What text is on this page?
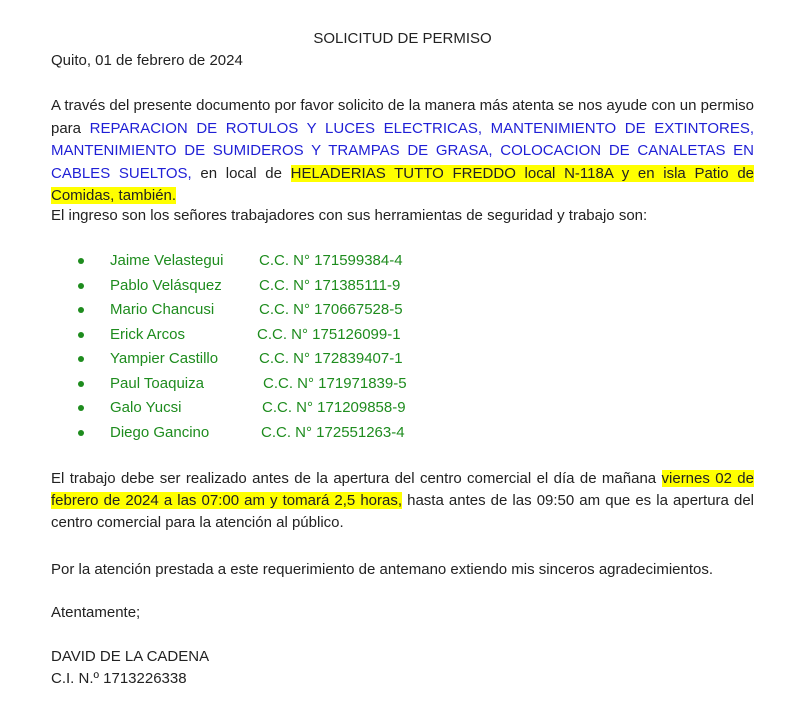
SOLICITUD DE PERMISO
Quito, 01 de febrero de 2024

A través del presente documento por favor solicito de la manera más atenta se nos ayude con un permiso para REPARACION DE ROTULOS Y LUCES ELECTRICAS, MANTENIMIENTO DE EXTINTORES, MANTENIMIENTO DE SUMIDEROS Y TRAMPAS DE GRASA, COLOCACION DE CANALETAS EN CABLES SUELTOS, en local de HELADERIAS TUTTO FREDDO local N-118A y en isla Patio de Comidas, también.

El ingreso son los señores trabajadores con sus herramientas de seguridad y trabajo son:
Jaime Velastegui C.C. N° 171599384-4
Pablo Velásquez C.C. N° 171385111-9
Mario Chancusi	C.C. N° 170667528-5
Erick Arcos	C.C. N° 175126099-1
Yampier Castillo	C.C. N° 172839407-1
Paul Toaquiza	C.C. N° 171971839-5
Galo Yucsi	C.C. N° 171209858-9
Diego Gancino	C.C. N° 172551263-4

El trabajo debe ser realizado antes de la apertura del centro comercial el día de mañana viernes 02 de febrero de 2024 a las 07:00 am y tomará 2,5 horas, hasta antes de las 09:50 am que es la apertura del centro comercial para la atención al público.

Por la atención prestada a este requerimiento de antemano extiendo mis sinceros agradecimientos.
Atentamente;
DAVID DE LA CADENA
C.I. N.º 1713226338
